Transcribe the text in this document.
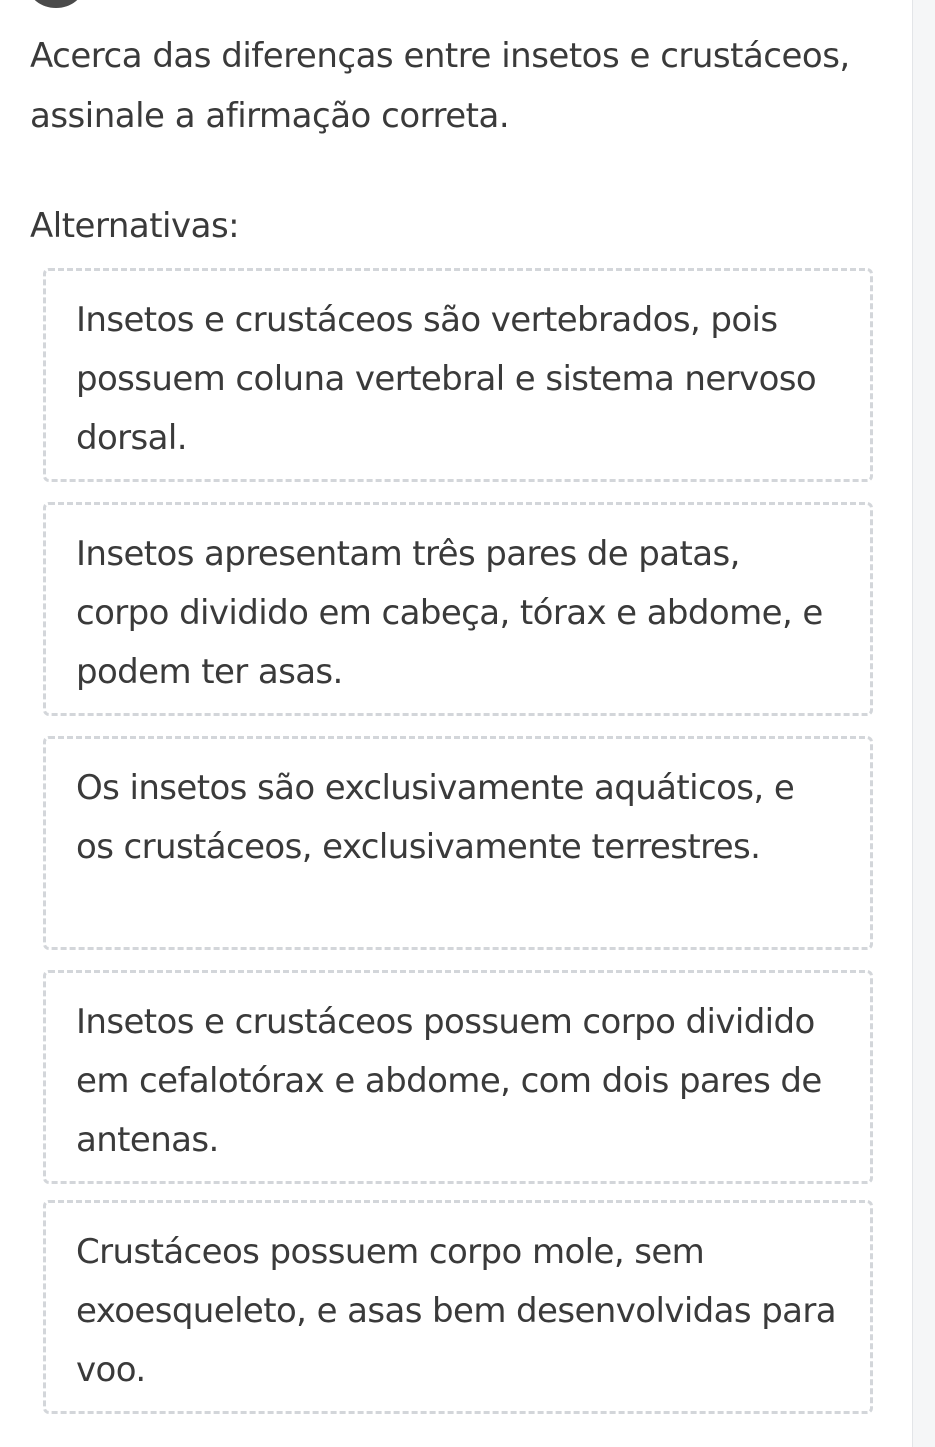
Acerca das diferenças entre insetos e crustáceos, assinale a afirmação correta.

Alternativas:

Insetos e crustáceos são vertebrados, pois possuem coluna vertebral e sistema nervoso dorsal.
Insetos apresentam três pares de patas, corpo dividido em cabeça, tórax e abdome, e podem ter asas.
Os insetos são exclusivamente aquáticos, e os crustáceos, exclusivamente terrestres.
Insetos e crustáceos possuem corpo dividido em cefalotórax e abdome, com dois pares de antenas.
Crustáceos possuem corpo mole, sem exoesqueleto, e asas bem desenvolvidas para voo.
